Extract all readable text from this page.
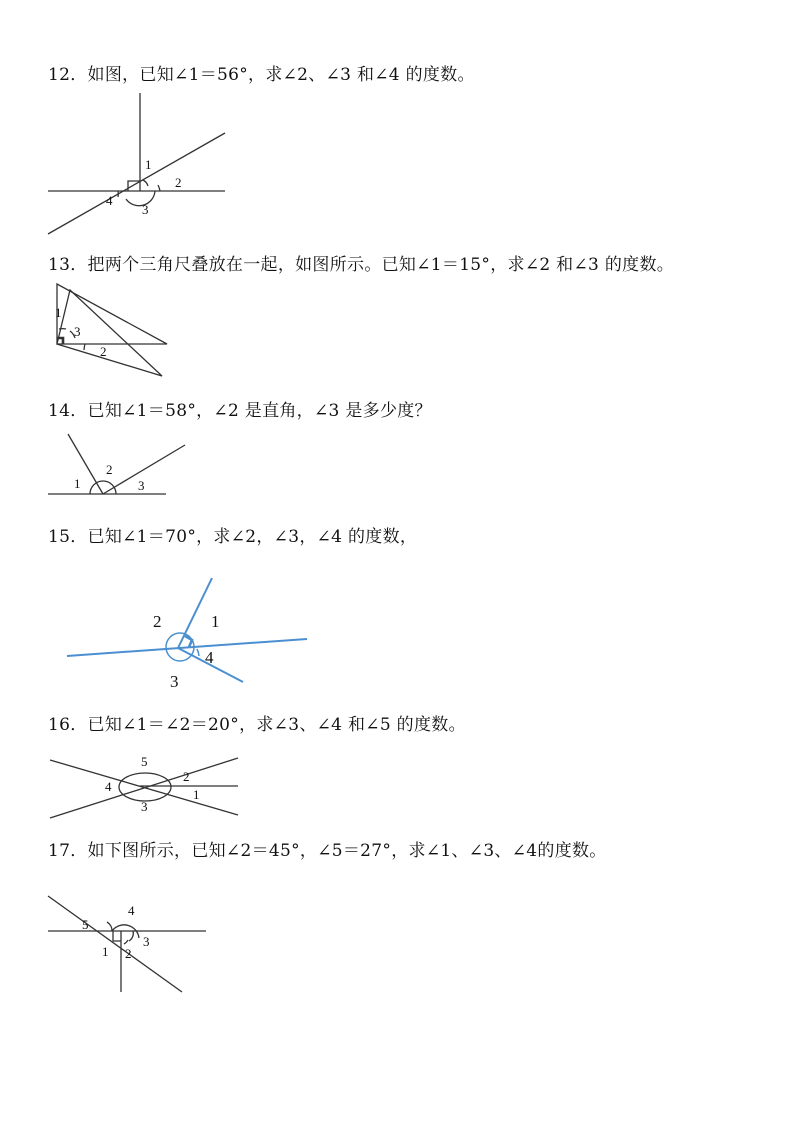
12．如图，已知∠1＝56°，求∠2、∠3 和∠4 的度数。
13．把两个三角尺叠放在一起，如图所示。已知∠1＝15°，求∠2 和∠3 的度数。
14．已知∠1＝58°，∠2 是直角，∠3 是多少度？
15．已知∠1＝70°，求∠2，∠3，∠4 的度数，
16．已知∠1＝∠2＝20°，求∠3、∠4 和∠5 的度数。
17．如下图所示，已知∠2＝45°，∠5＝27°，求∠1、∠3、∠4的度数。
1
2
3
4
1
2
3
1
2
3
1
2
3
4
5
1 2
3
4
5
1
2
3
4
